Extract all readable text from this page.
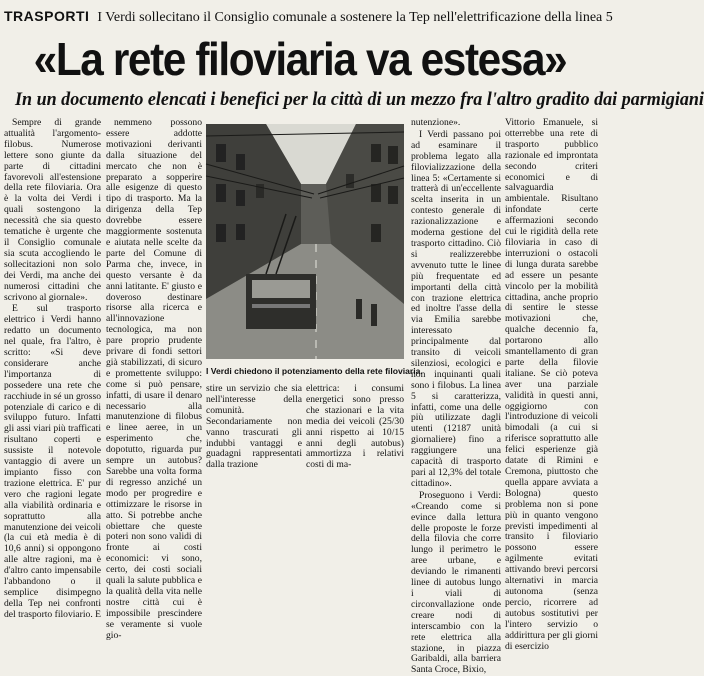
TRASPORTI I Verdi sollecitano il Consiglio comunale a sostenere la Tep nell'elettrificazione della linea 5
«La rete filoviaria va estesa»
In un documento elencati i benefici per la città di un mezzo fra l'altro gradito dai parmigiani

Sempre di grande attualità l'argomento-filobus. Numerose lettere sono giunte da parte di cittadini favorevoli all'estensione della rete filoviaria. Ora è la volta dei Verdi i quali sostengono la necessità che sia questo tematiche è urgente che il Consiglio comunale sia scuta accogliendo le sollecitazioni non solo dei Verdi, ma anche dei numerosi cittadini che scrivono al giornale».

E sul trasporto elettrico i Verdi hanno redatto un documento nel quale, fra l'altro, è scritto: «Si deve considerare anche l'importanza di possedere una rete che racchiude in sé un grosso potenziale di carico e di sviluppo futuro. Infatti gli assi viari più trafficati risultano coperti e sussiste il notevole vantaggio di avere un impianto fisso con trazione elettrica. E' pur vero che ragioni legate alla viabilità ordinaria e soprattutto alla manutenzione dei veicoli (la cui età media è di 10,6 anni) si oppongono alle altre ragioni, ma è d'altro canto impensabile l'abbandono o il semplice disimpegno della Tep nei confronti del trasporto filoviario. E

nemmeno possono essere addotte motivazioni derivanti dalla situazione del mercato che non è preparato a sopperire alle esigenze di questo tipo di trasporto. Ma la dirigenza della Tep dovrebbe essere maggiormente sostenuta e aiutata nelle scelte da parte del Comune di Parma che, invece, in questo versante è da anni latitante. E' giusto e doveroso destinare risorse alla ricerca e all'innovazione tecnologica, ma non pare proprio prudente privare di fondi settori già stabilizzati, di sicuro e promettente sviluppo: come si può pensare, infatti, di usare il denaro necessario alla manutenzione di filobus e linee aeree, in un esperimento che, dopotutto, riguarda pur sempre un autobus? Sarebbe una volta forma di regresso anziché un modo per progredire e ottimizzare le risorse in atto. Si potrebbe anche obiettare che queste poteri non sono validi di fronte ai costi economici: vi sono, certo, dei costi sociali quali la salute pubblica e la qualità della vita nelle nostre città cui è impossibile prescindere se veramente si vuole gio-

I Verdi chiedono il potenziamento della rete filoviaria.

stire un servizio che sia nell'interesse della comunità. Secondariamente non vanno trascurati gli indubbi vantaggi e guadagni rappresentati dalla trazione

elettrica: i consumi energetici sono presso che stazionari e la vita media dei veicoli (25/30 anni rispetto ai 10/15 anni degli autobus) ammortizza i relativi costi di ma-

nutenzione».

I Verdi passano poi ad esaminare il problema legato alla filovializzazione della linea 5: «Certamente si tratterà di un'eccellente scelta inserita in un contesto generale di razionalizzazione e moderna gestione del trasporto cittadino. Ciò si realizzerebbe avvenuto tutte le linee più frequentate ed importanti della città con trazione elettrica ed inoltre l'asse della via Emilia sarebbe interessato principalmente dal transito di veicoli silenziosi, ecologici e non inquinanti quali sono i filobus. La linea 5 si caratterizza, infatti, come una delle più utilizzate dagli utenti (12187 unità giornaliere) fino a raggiungere una capacità di trasporto pari al 12,3% del totale cittadino».

Proseguono i Verdi: «Creando come si evince dalla lettura delle proposte le forze della filovia che corre lungo il perimetro le aree urbane, e deviando le rimanenti linee di autobus lungo i viali di circonvallazione onde creare nodi di interscambio con la rete elettrica alla stazione, in piazza Garibaldi, alla barriera Santa Croce, Bixio,

Vittorio Emanuele, si otterrebbe una rete di trasporto pubblico razionale ed improntata secondo criteri economici e di salvaguardia ambientale. Risultano infondate certe affermazioni secondo cui le rigidità della rete filoviaria in caso di interruzioni o ostacoli di lunga durata sarebbe ad essere un pesante vincolo per la mobilità cittadina, anche proprio di sentire le stesse motivazioni che, qualche decennio fa, portarono allo smantellamento di gran parte della filovie italiane. Se ciò poteva aver una parziale validità in questi anni, oggigiorno con l'introduzione di veicoli bimodali (a cui si riferisce soprattutto alle felici esperienze già datate di Rimini e Cremona, piuttosto che quella appare avviata a Bologna) questo problema non si pone più in quanto vengono previsti impedimenti al transito i filoviario possono essere agilmente evitati attivando brevi percorsi alternativi in marcia autonoma (senza percio, ricorrere ad autobus sostitutivi per l'intero servizio o addirittura per gli giorni di esercizio
